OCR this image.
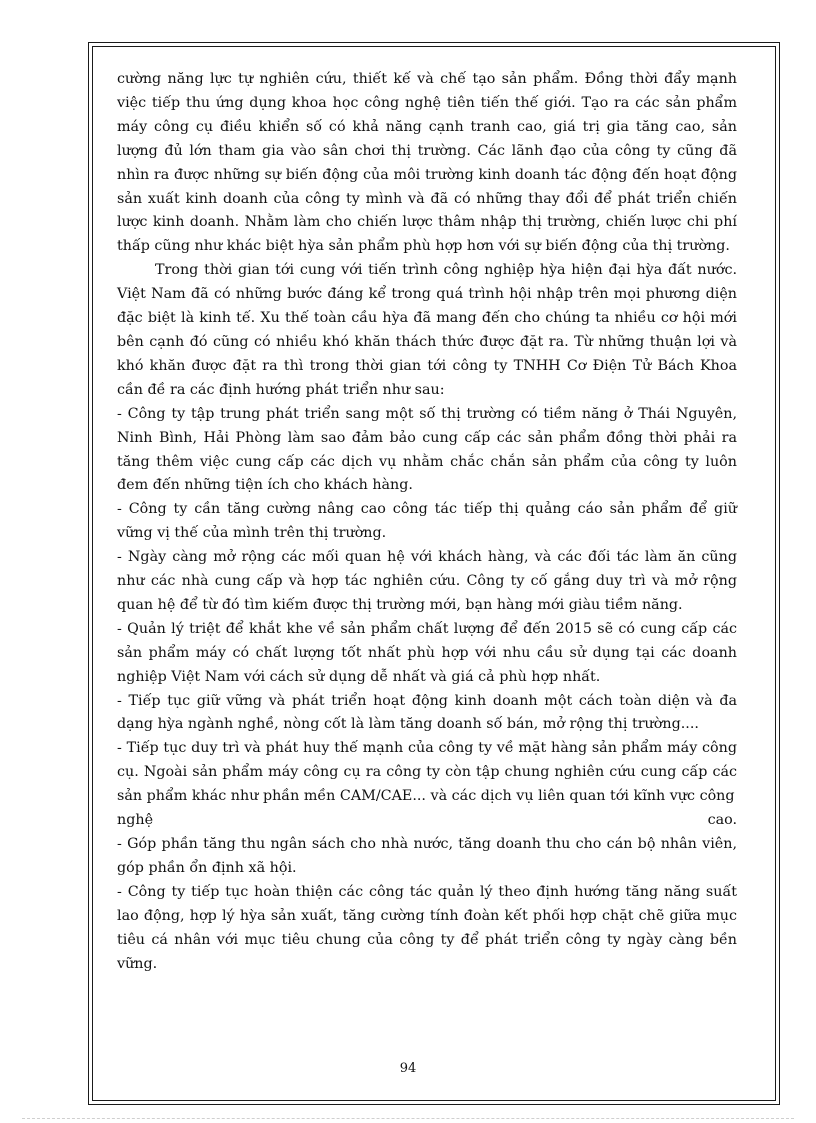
cường năng lực tự nghiên cứu, thiết kế và chế tạo sản phẩm. Đồng thời đẩy mạnh việc tiếp thu ứng dụng khoa học công nghệ tiên tiến thế giới. Tạo ra các sản phẩm máy công cụ điều khiển số có khả năng cạnh tranh cao, giá trị gia tăng cao, sản lượng đủ lớn tham gia vào sân chơi thị trường. Các lãnh đạo của công ty cũng đã nhìn ra được những sự biến động của môi trường kinh doanh tác động đến hoạt động sản xuất kinh doanh của công ty mình và đã có những thay đổi để phát triển chiến lược kinh doanh. Nhằm làm cho chiến lược thâm nhập thị trường, chiến lược chi phí thấp cũng như khác biệt hỳa sản phẩm phù hợp hơn với sự biến động của thị trường.

Trong thời gian tới cung với tiến trình công nghiệp hỳa hiện đại hỳa đất nước. Việt Nam đã có những bước đáng kể trong quá trình hội nhập trên mọi phương diện đặc biệt là kinh tế. Xu thế toàn cầu hỳa đã mang đến cho chúng ta nhiều cơ hội mới bên cạnh đó cũng có nhiều khó khăn thách thức được đặt ra. Từ những thuận lợi và khó khăn được đặt ra thì trong thời gian tới công ty TNHH Cơ Điện Tử Bách Khoa cần đề ra các định hướng phát triển như sau:

- Công ty tập trung phát triển sang một số thị trường có tiềm năng ở Thái Nguyên, Ninh Bình, Hải Phòng làm sao đảm bảo cung cấp các sản phẩm đồng thời phải ra tăng thêm việc cung cấp các dịch vụ nhằm chắc chắn sản phẩm của công ty luôn đem đến những tiện ích cho khách hàng.

- Công ty cần tăng cường nâng cao công tác tiếp thị quảng cáo sản phẩm để giữ vững vị thế của mình trên thị trường.

- Ngày càng mở rộng các mối quan hệ với khách hàng, và các đối tác làm ăn cũng như các nhà cung cấp và hợp tác nghiên cứu. Công ty cố gắng duy trì và mở rộng quan hệ để từ đó tìm kiếm được thị trường mới, bạn hàng mới giàu tiềm năng.

- Quản lý triệt để khắt khe về sản phẩm chất lượng để đến 2015 sẽ có cung cấp các sản phẩm máy có chất lượng tốt nhất phù hợp với nhu cầu sử dụng tại các doanh nghiệp Việt Nam với cách sử dụng dễ nhất và giá cả phù hợp nhất.

- Tiếp tục giữ vững và phát triển hoạt động kinh doanh một cách toàn diện và đa dạng hỳa ngành nghề, nòng cốt là làm tăng doanh số bán, mở rộng thị trường....

- Tiếp tục duy trì và phát huy thế mạnh của công ty về mặt hàng sản phẩm máy công cụ. Ngoài sản phẩm máy công cụ ra công ty còn tập chung nghiên cứu cung cấp các sản phẩm khác như phần mền CAM/CAE... và các dịch vụ liên quan tới kĩnh vực công

nghệ	cao.

- Góp phần tăng thu ngân sách cho nhà nước, tăng doanh thu cho cán bộ nhân viên, góp phần ổn định xã hội.

- Công ty tiếp tục hoàn thiện các công tác quản lý theo định hướng tăng năng suất lao động, hợp lý hỳa sản xuất, tăng cường tính đoàn kết phối hợp chặt chẽ giữa mục tiêu cá nhân với mục tiêu chung của công ty để phát triển công ty ngày càng bền vững.

94
